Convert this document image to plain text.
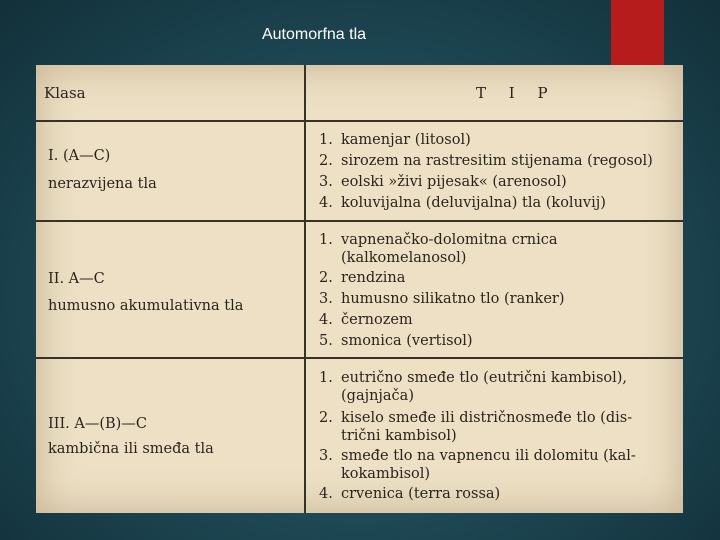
Automorfna tla
Klasa	T I P
I. (A—C)
nerazvijena tla
1. kamenjar (litosol)
2. sirozem na rastresitim stijenama (regosol)
3. eolski »živi pijesak« (arenosol)
4. koluvijalna (deluvijalna) tla (koluvij)
II. A—C
humusno akumulativna tla
1. vapnenačko-dolomitna crnica
(kalkomelanosol)
2. rendzina
3. humusno silikatno tlo (ranker)
4. černozem
5. smonica (vertisol)
III. A—(B)—C
kambična ili smeđa tla
1. eutrično smeđe tlo (eutrični kambisol),
(gajnjača)
2. kiselo smeđe ili distričnosmeđe tlo (dis-
trični kambisol)
3. smeđe tlo na vapnencu ili dolomitu (kal-
kokambisol)
4. crvenica (terra rossa)
